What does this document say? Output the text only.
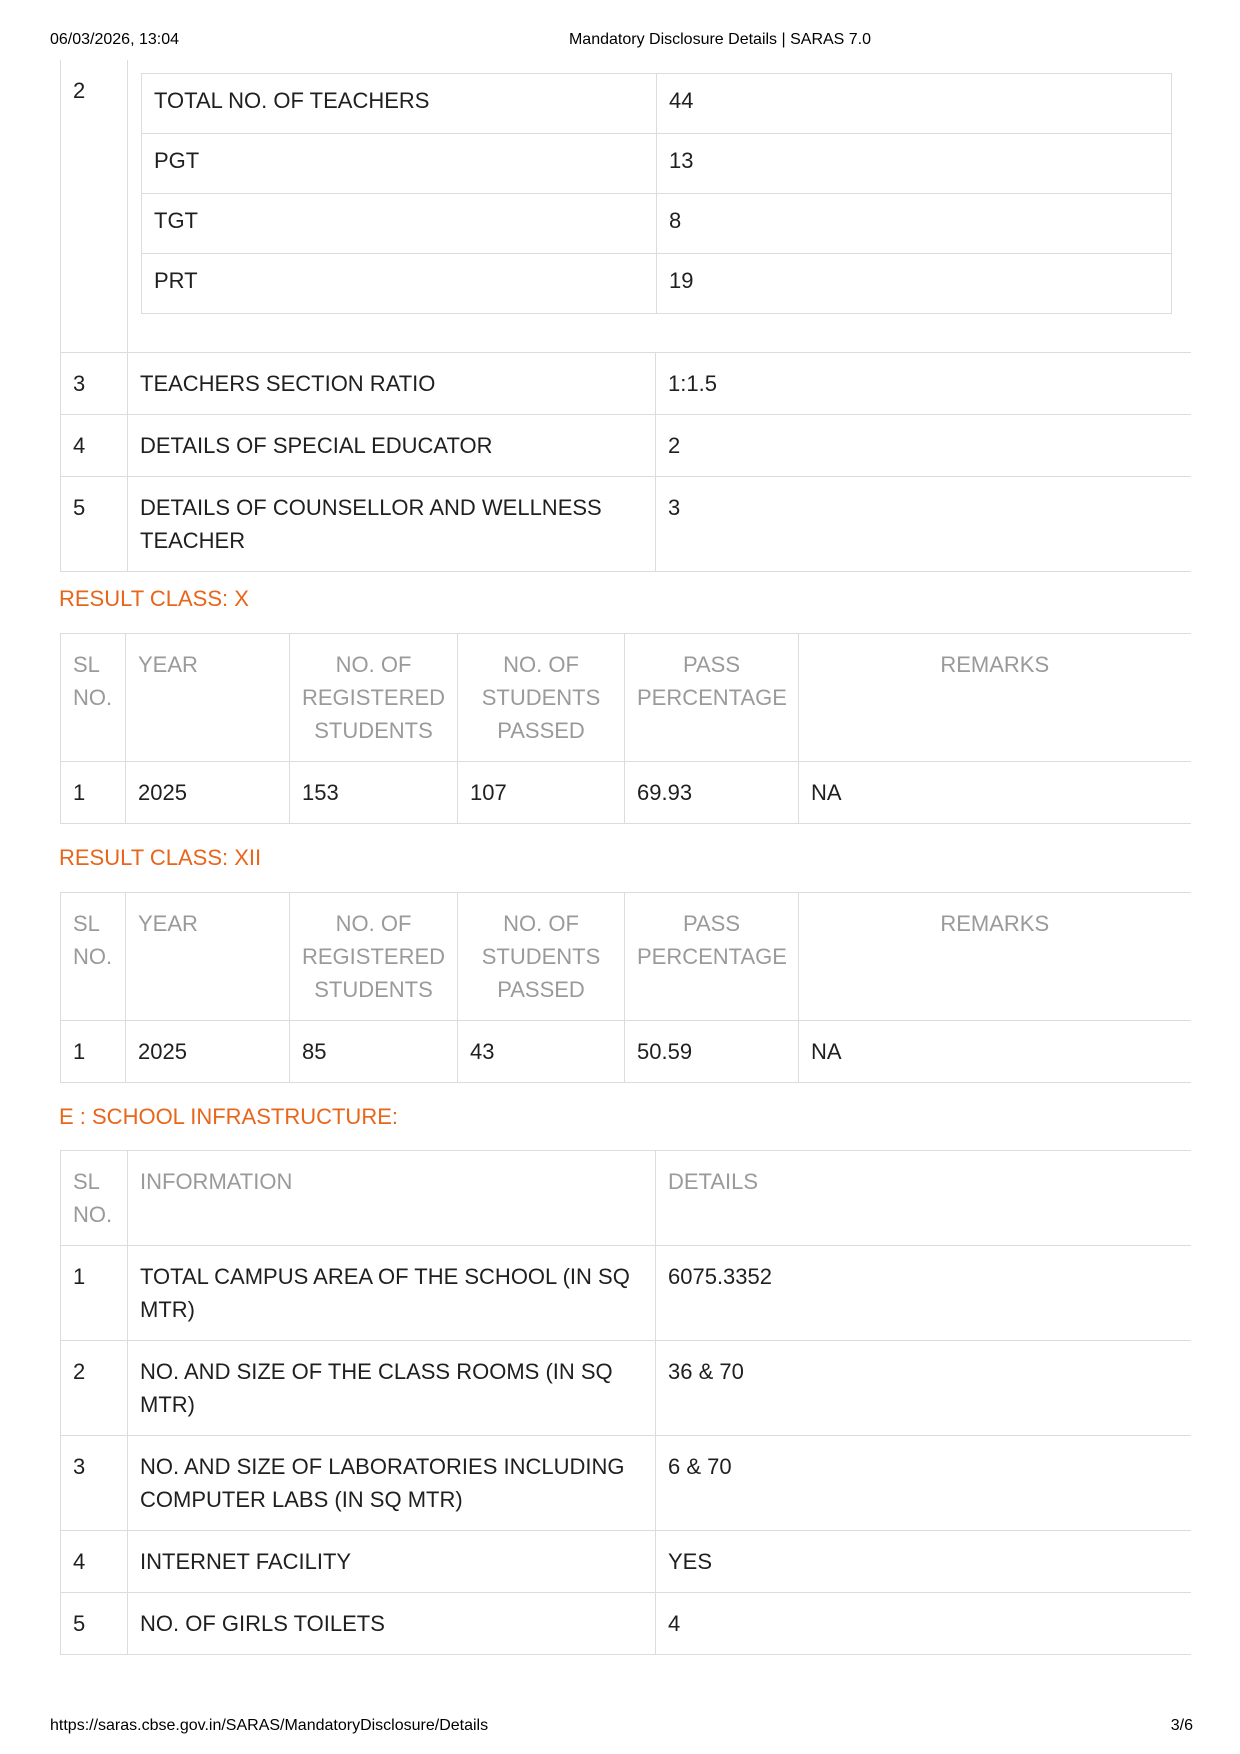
06/03/2026, 13:04	Mandatory Disclosure Details | SARAS 7.0
2		TOTAL NO. OF TEACHERS	44
PGT	13
TGT	8
PRT	19

3	TEACHERS SECTION RATIO	1:1.5
4	DETAILS OF SPECIAL EDUCATOR	2
5	DETAILS OF COUNSELLOR AND WELLNESS TEACHER	3
RESULT CLASS: X
SL NO.	YEAR	NO. OF REGISTERED STUDENTS	NO. OF STUDENTS PASSED	PASS PERCENTAGE	REMARKS
1	2025	153	107	69.93	NA
RESULT CLASS: XII
SL NO.	YEAR	NO. OF REGISTERED STUDENTS	NO. OF STUDENTS PASSED	PASS PERCENTAGE	REMARKS
1	2025	85	43	50.59	NA
E : SCHOOL INFRASTRUCTURE:
SL NO.	INFORMATION	DETAILS
1	TOTAL CAMPUS AREA OF THE SCHOOL (IN SQ MTR)	6075.3352
2	NO. AND SIZE OF THE CLASS ROOMS (IN SQ MTR)	36 & 70
3	NO. AND SIZE OF LABORATORIES INCLUDING COMPUTER LABS (IN SQ MTR)	6 & 70
4	INTERNET FACILITY	YES
5	NO. OF GIRLS TOILETS	4
https://saras.cbse.gov.in/SARAS/MandatoryDisclosure/Details	3/6
